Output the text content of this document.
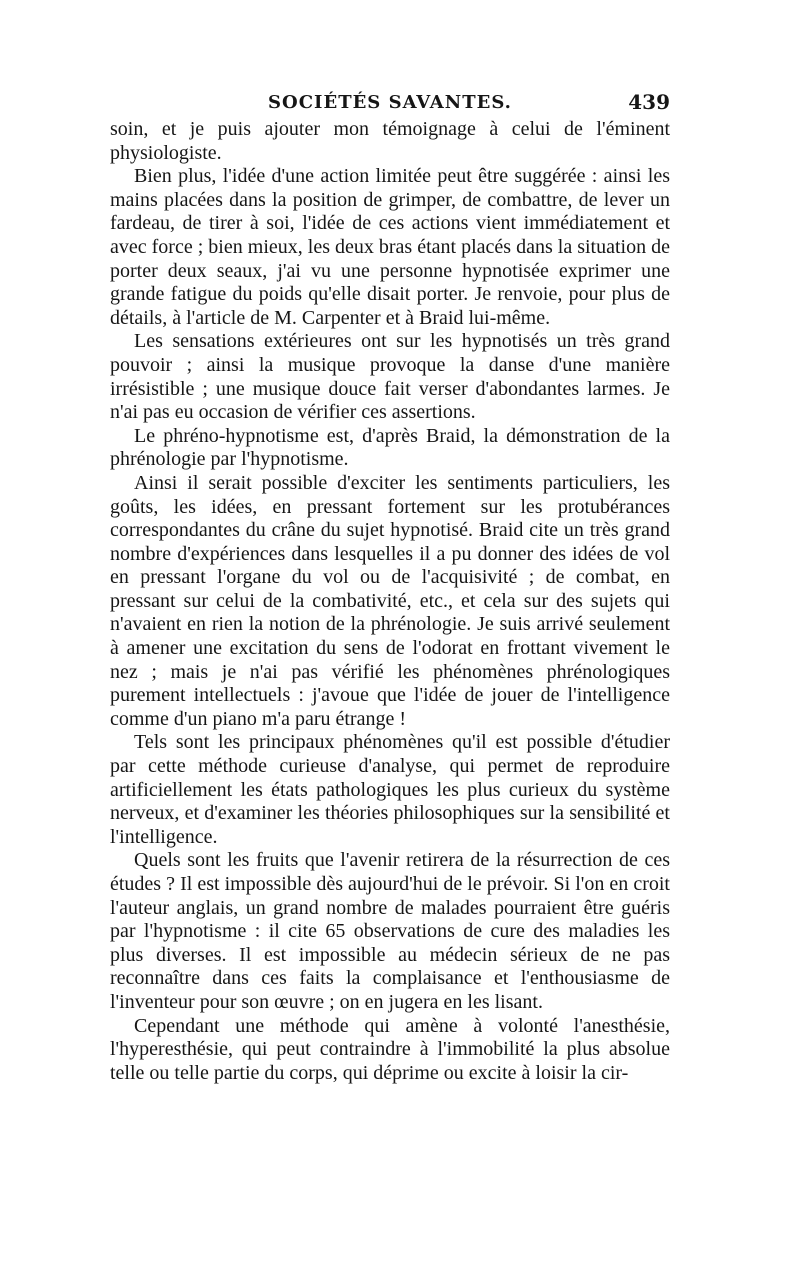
SOCIÉTÉS SAVANTES.	439

soin, et je puis ajouter mon témoignage à celui de l'éminent physiologiste.

Bien plus, l'idée d'une action limitée peut être suggérée : ainsi les mains placées dans la position de grimper, de combattre, de lever un fardeau, de tirer à soi, l'idée de ces actions vient immédiatement et avec force ; bien mieux, les deux bras étant placés dans la situation de porter deux seaux, j'ai vu une personne hypnotisée exprimer une grande fatigue du poids qu'elle disait porter. Je renvoie, pour plus de détails, à l'article de M. Carpenter et à Braid lui-même.

Les sensations extérieures ont sur les hypnotisés un très grand pouvoir ; ainsi la musique provoque la danse d'une manière irrésistible ; une musique douce fait verser d'abondantes larmes. Je n'ai pas eu occasion de vérifier ces assertions.

Le phréno-hypnotisme est, d'après Braid, la démonstration de la phrénologie par l'hypnotisme.

Ainsi il serait possible d'exciter les sentiments particuliers, les goûts, les idées, en pressant fortement sur les protubérances correspondantes du crâne du sujet hypnotisé. Braid cite un très grand nombre d'expériences dans lesquelles il a pu donner des idées de vol en pressant l'organe du vol ou de l'acquisivité ; de combat, en pressant sur celui de la combativité, etc., et cela sur des sujets qui n'avaient en rien la notion de la phrénologie. Je suis arrivé seulement à amener une excitation du sens de l'odorat en frottant vivement le nez ; mais je n'ai pas vérifié les phénomènes phrénologiques purement intellectuels : j'avoue que l'idée de jouer de l'intelligence comme d'un piano m'a paru étrange !

Tels sont les principaux phénomènes qu'il est possible d'étudier par cette méthode curieuse d'analyse, qui permet de reproduire artificiellement les états pathologiques les plus curieux du système nerveux, et d'examiner les théories philosophiques sur la sensibilité et l'intelligence.

Quels sont les fruits que l'avenir retirera de la résurrection de ces études ? Il est impossible dès aujourd'hui de le prévoir. Si l'on en croit l'auteur anglais, un grand nombre de malades pourraient être guéris par l'hypnotisme : il cite 65 observations de cure des maladies les plus diverses. Il est impossible au médecin sérieux de ne pas reconnaître dans ces faits la complaisance et l'enthousiasme de l'inventeur pour son œuvre ; on en jugera en les lisant.

Cependant une méthode qui amène à volonté l'anesthésie, l'hyperesthésie, qui peut contraindre à l'immobilité la plus absolue telle ou telle partie du corps, qui déprime ou excite à loisir la cir-
